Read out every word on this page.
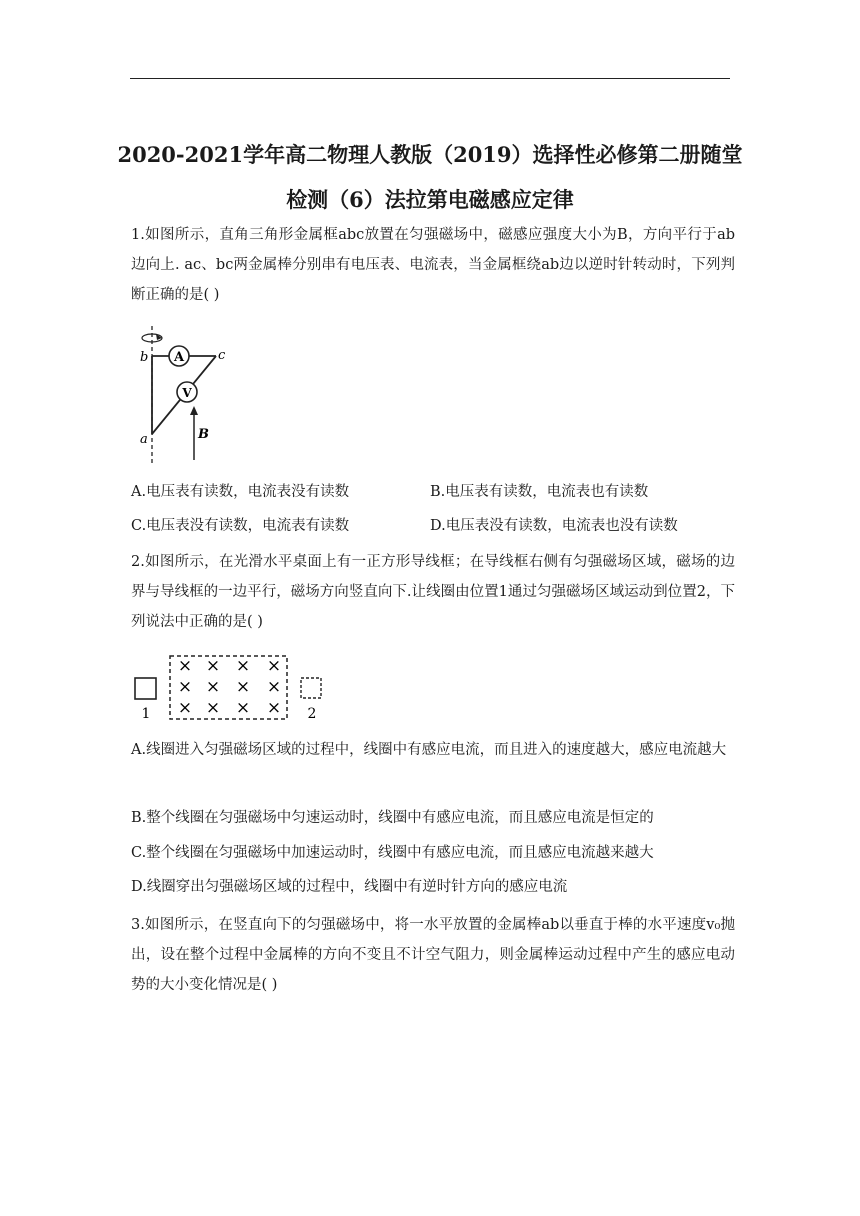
2020-2021学年高二物理人教版（2019）选择性必修第二册随堂
检测（6）法拉第电磁感应定律
1.如图所示，直角三角形金属框abc放置在匀强磁场中，磁感应强度大小为B，方向平行于ab边向上. ac、bc两金属棒分别串有电压表、电流表，当金属框绕ab边以逆时针转动时，下列判断正确的是( )
A
V
b	c
a	B
A.电压表有读数，电流表没有读数	B.电压表有读数，电流表也有读数
C.电压表没有读数，电流表有读数	D.电压表没有读数，电流表也没有读数
2.如图所示，在光滑水平桌面上有一正方形导线框；在导线框右侧有匀强磁场区域，磁场的边界与导线框的一边平行，磁场方向竖直向下.让线圈由位置1通过匀强磁场区域运动到位置2，下列说法中正确的是( )
1
× × × ×
× × × ×
× × × × 2
A.线圈进入匀强磁场区域的过程中，线圈中有感应电流，而且进入的速度越大，感应电流越大
B.整个线圈在匀强磁场中匀速运动时，线圈中有感应电流，而且感应电流是恒定的
C.整个线圈在匀强磁场中加速运动时，线圈中有感应电流，而且感应电流越来越大
D.线圈穿出匀强磁场区域的过程中，线圈中有逆时针方向的感应电流
3.如图所示，在竖直向下的匀强磁场中，将一水平放置的金属棒ab以垂直于棒的水平速度v₀抛出，设在整个过程中金属棒的方向不变且不计空气阻力，则金属棒运动过程中产生的感应电动势的大小变化情况是( )
